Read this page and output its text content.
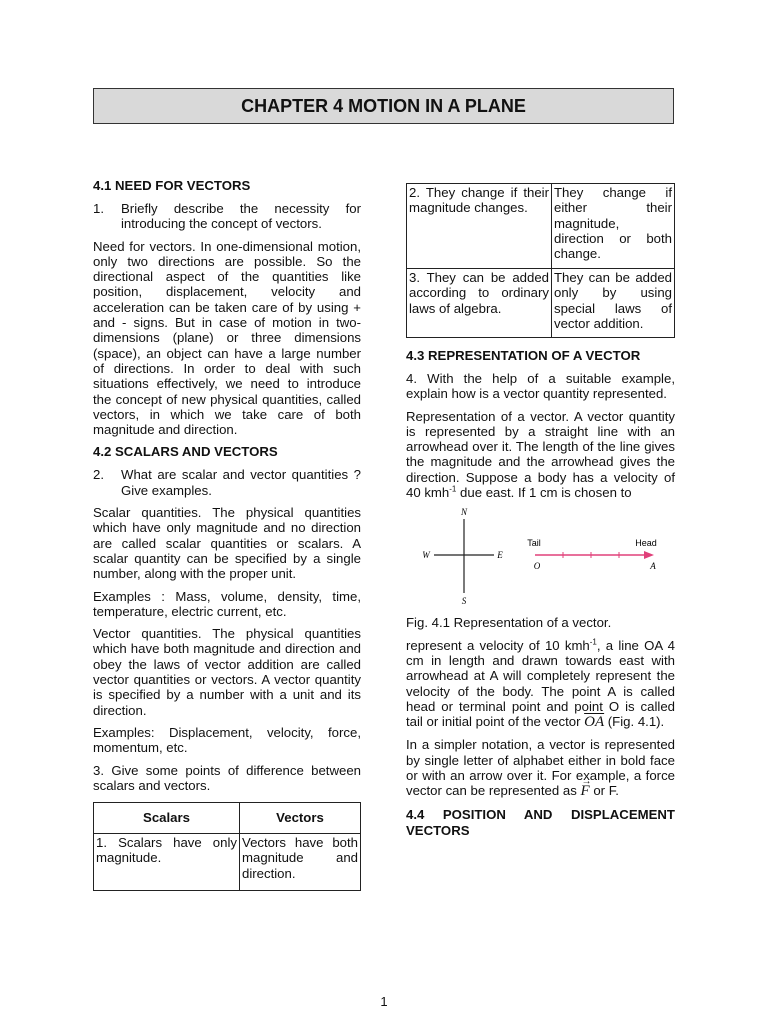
CHAPTER 4 MOTION IN A PLANE
4.1 NEED FOR VECTORS
1.	Briefly describe the necessity for introducing the concept of vectors.

Need for vectors. In one-dimensional motion, only two directions are possible. So the directional aspect of the quantities like position, displacement, velocity and acceleration can be taken care of by using + and - signs. But in case of motion in two-dimensions (plane) or three dimensions (space), an object can have a large number of directions. In order to deal with such situations effectively, we need to introduce the concept of new physical quantities, called vectors, in which we take care of both magnitude and direction.

4.2 SCALARS AND VECTORS
2.	What are scalar and vector quantities ? Give examples.

Scalar quantities. The physical quantities which have only magnitude and no direction are called scalar quantities or scalars. A scalar quantity can be specified by a single number, along with the proper unit.

Examples : Mass, volume, density, time, temperature, electric current, etc.

Vector quantities. The physical quantities which have both magnitude and direction and obey the laws of vector addition are called vector quantities or vectors. A vector quantity is specified by a number with a unit and its direction.

Examples: Displacement, velocity, force, momentum, etc.

3. Give some points of difference between scalars and vectors.

Scalars	Vectors
1. Scalars have only magnitude.	Vectors have both magnitude and direction.
2. They change if their magnitude changes.	They change if either their magnitude, direction or both change.
3. They can be added according to ordinary laws of algebra.	They can be added only by using special laws of vector addition.
4.3 REPRESENTATION OF A VECTOR

4. With the help of a suitable example, explain how is a vector quantity represented.

Representation of a vector. A vector quantity is represented by a straight line with an arrowhead over it. The length of the line gives the magnitude and the arrowhead gives the direction. Suppose a body has a velocity of 40 kmh$^{-1}$ due east. If 1 cm is chosen to

N
S
W	E
Tail	Head
O	A

Fig. 4.1 Representation of a vector.

represent a velocity of 10 kmh$^{-1}$, a line OA 4 cm in length and drawn towards east with arrowhead at A will completely represent the velocity of the body. The point A is called head or terminal point and point O is called tail or initial point of the vector $\overline{OA}$ (Fig. 4.1).

In a simpler notation, a vector is represented by single letter of alphabet either in bold face or with an arrow over it. For example, a force vector can be represented as → F or F.

4.4 POSITION AND DISPLACEMENT VECTORS
1
